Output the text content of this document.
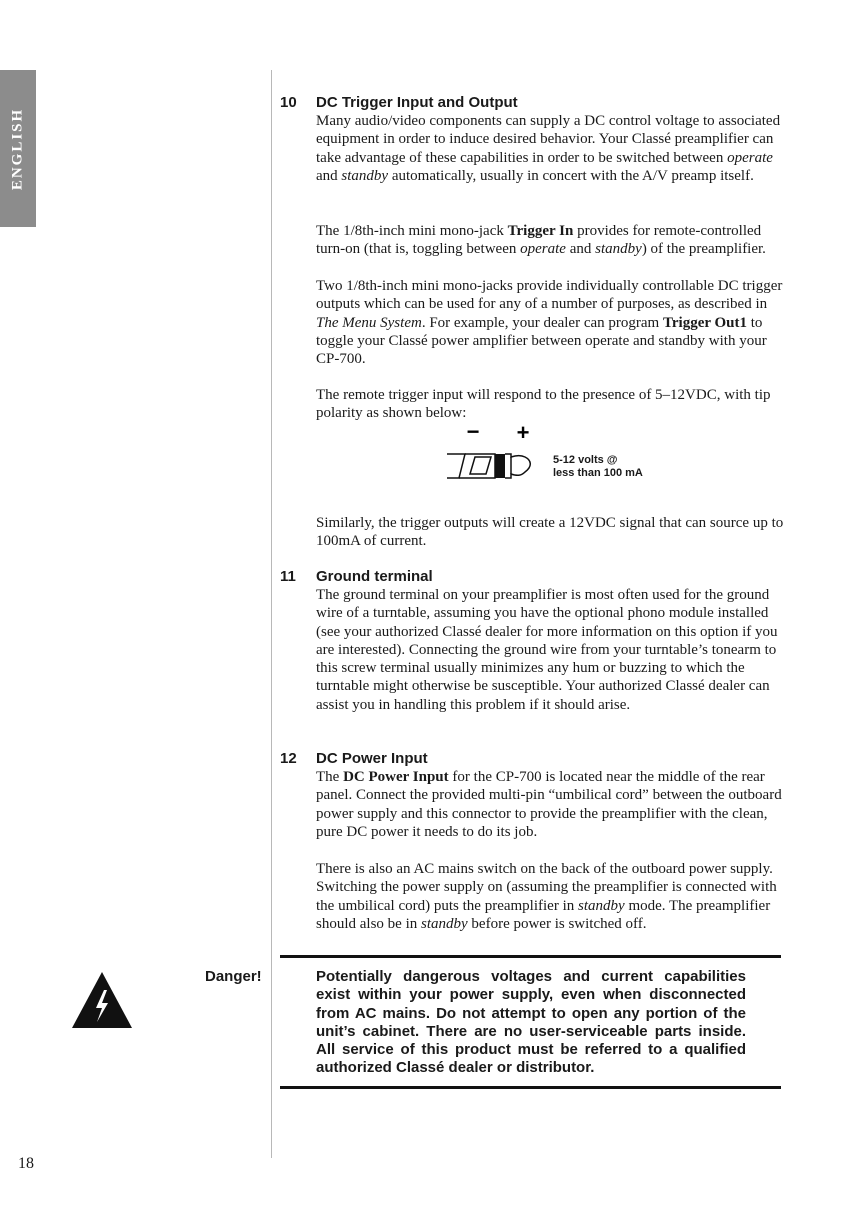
ENGLISH
10 DC Trigger Input and Output

Many audio/video components can supply a DC control voltage to associated equipment in order to induce desired behavior. Your Classé preamplifier can take advantage of these capabilities in order to be switched between operate and standby automatically, usually in concert with the A/V preamp itself.

The 1/8th-inch mini mono-jack Trigger In provides for remote-controlled turn-on (that is, toggling between operate and standby) of the preamplifier.

Two 1/8th-inch mini mono-jacks provide individually controllable DC trigger outputs which can be used for any of a number of purposes, as described in The Menu System. For example, your dealer can program Trigger Out1 to toggle your Classé power amplifier between operate and standby with your CP-700.

The remote trigger input will respond to the presence of 5–12VDC, with tip polarity as shown below:

− +
5-12 volts @
less than 100 mA

Similarly, the trigger outputs will create a 12VDC signal that can source up to 100mA of current.

11 Ground terminal

The ground terminal on your preamplifier is most often used for the ground wire of a turntable, assuming you have the optional phono module installed (see your authorized Classé dealer for more information on this option if you are interested). Connecting the ground wire from your turntable’s tonearm to this screw terminal usually minimizes any hum or buzzing to which the turntable might otherwise be susceptible. Your authorized Classé dealer can assist you in handling this problem if it should arise.

12 DC Power Input

The DC Power Input for the CP-700 is located near the middle of the rear panel. Connect the provided multi-pin “umbilical cord” between the outboard power supply and this connector to provide the preamplifier with the clean, pure DC power it needs to do its job.

There is also an AC mains switch on the back of the outboard power supply. Switching the power supply on (assuming the preamplifier is connected with the umbilical cord) puts the preamplifier in standby mode. The preamplifier should also be in standby before power is switched off.

Danger!	Potentially dangerous voltages and current capabilities exist within your power supply, even when disconnected from AC mains. Do not attempt to open any portion of the unit’s cabinet. There are no user-serviceable parts inside. All service of this product must be referred to a qualified authorized Classé dealer or distributor.

18
